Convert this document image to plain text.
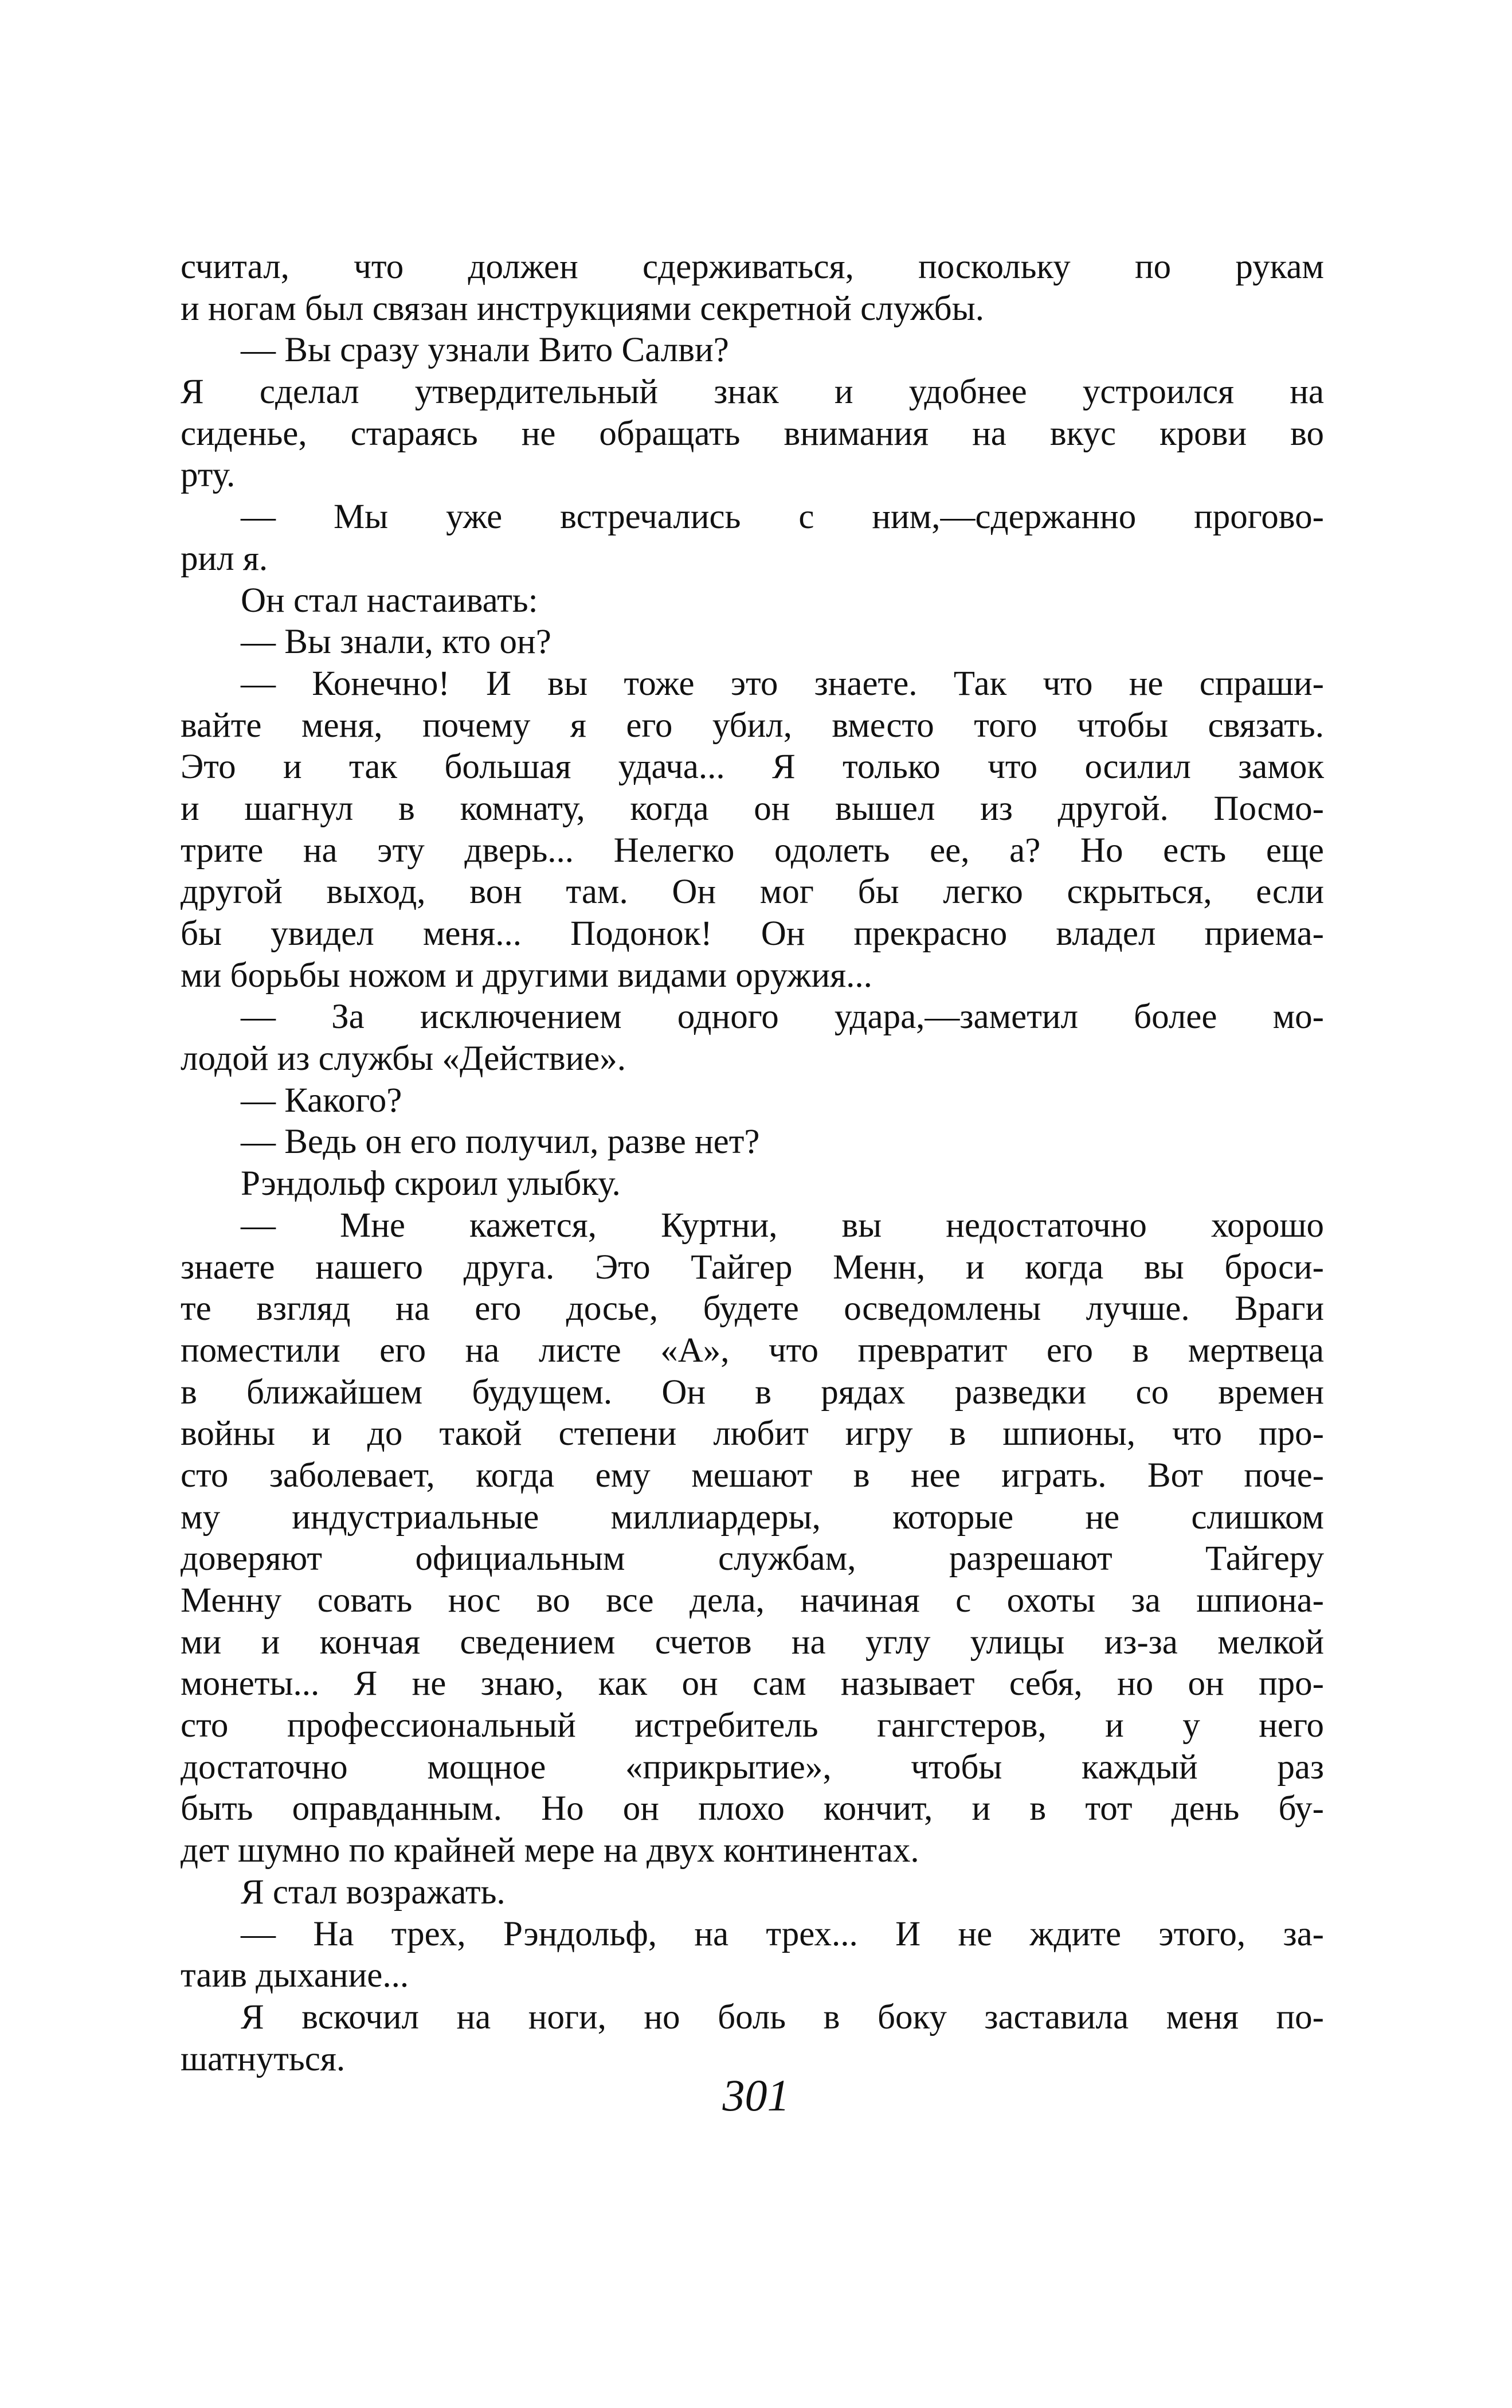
считал, что должен сдерживаться, поскольку по рукам
и ногам был связан инструкциями секретной службы.
— Вы сразу узнали Вито Салви?
Я сделал утвердительный знак и удобнее устроился на
сиденье, стараясь не обращать внимания на вкус крови во
рту.
— Мы уже встречались с ним,—сдержанно прогово-
рил я.
Он стал настаивать:
— Вы знали, кто он?
— Конечно! И вы тоже это знаете. Так что не спраши-
вайте меня, почему я его убил, вместо того чтобы связать.
Это и так большая удача... Я только что осилил замок
и шагнул в комнату, когда он вышел из другой. Посмо-
трите на эту дверь... Нелегко одолеть ее, а? Но есть еще
другой выход, вон там. Он мог бы легко скрыться, если
бы увидел меня... Подонок! Он прекрасно владел приема-
ми борьбы ножом и другими видами оружия...
— За исключением одного удара,—заметил более мо-
лодой из службы «Действие».
— Какого?
— Ведь он его получил, разве нет?
Рэндольф скроил улыбку.
— Мне кажется, Куртни, вы недостаточно хорошо
знаете нашего друга. Это Тайгер Менн, и когда вы броси-
те взгляд на его досье, будете осведомлены лучше. Враги
поместили его на листе «А», что превратит его в мертвеца
в ближайшем будущем. Он в рядах разведки со времен
войны и до такой степени любит игру в шпионы, что про-
сто заболевает, когда ему мешают в нее играть. Вот поче-
му индустриальные миллиардеры, которые не слишком
доверяют официальным службам, разрешают Тайгеру
Менну совать нос во все дела, начиная с охоты за шпиона-
ми и кончая сведением счетов на углу улицы из-за мелкой
монеты... Я не знаю, как он сам называет себя, но он про-
сто профессиональный истребитель гангстеров, и у него
достаточно мощное «прикрытие», чтобы каждый раз
быть оправданным. Но он плохо кончит, и в тот день бу-
дет шумно по крайней мере на двух континентах.
Я стал возражать.
— На трех, Рэндольф, на трех... И не ждите этого, за-
таив дыхание...
Я вскочил на ноги, но боль в боку заставила меня по-
шатнуться.
301
